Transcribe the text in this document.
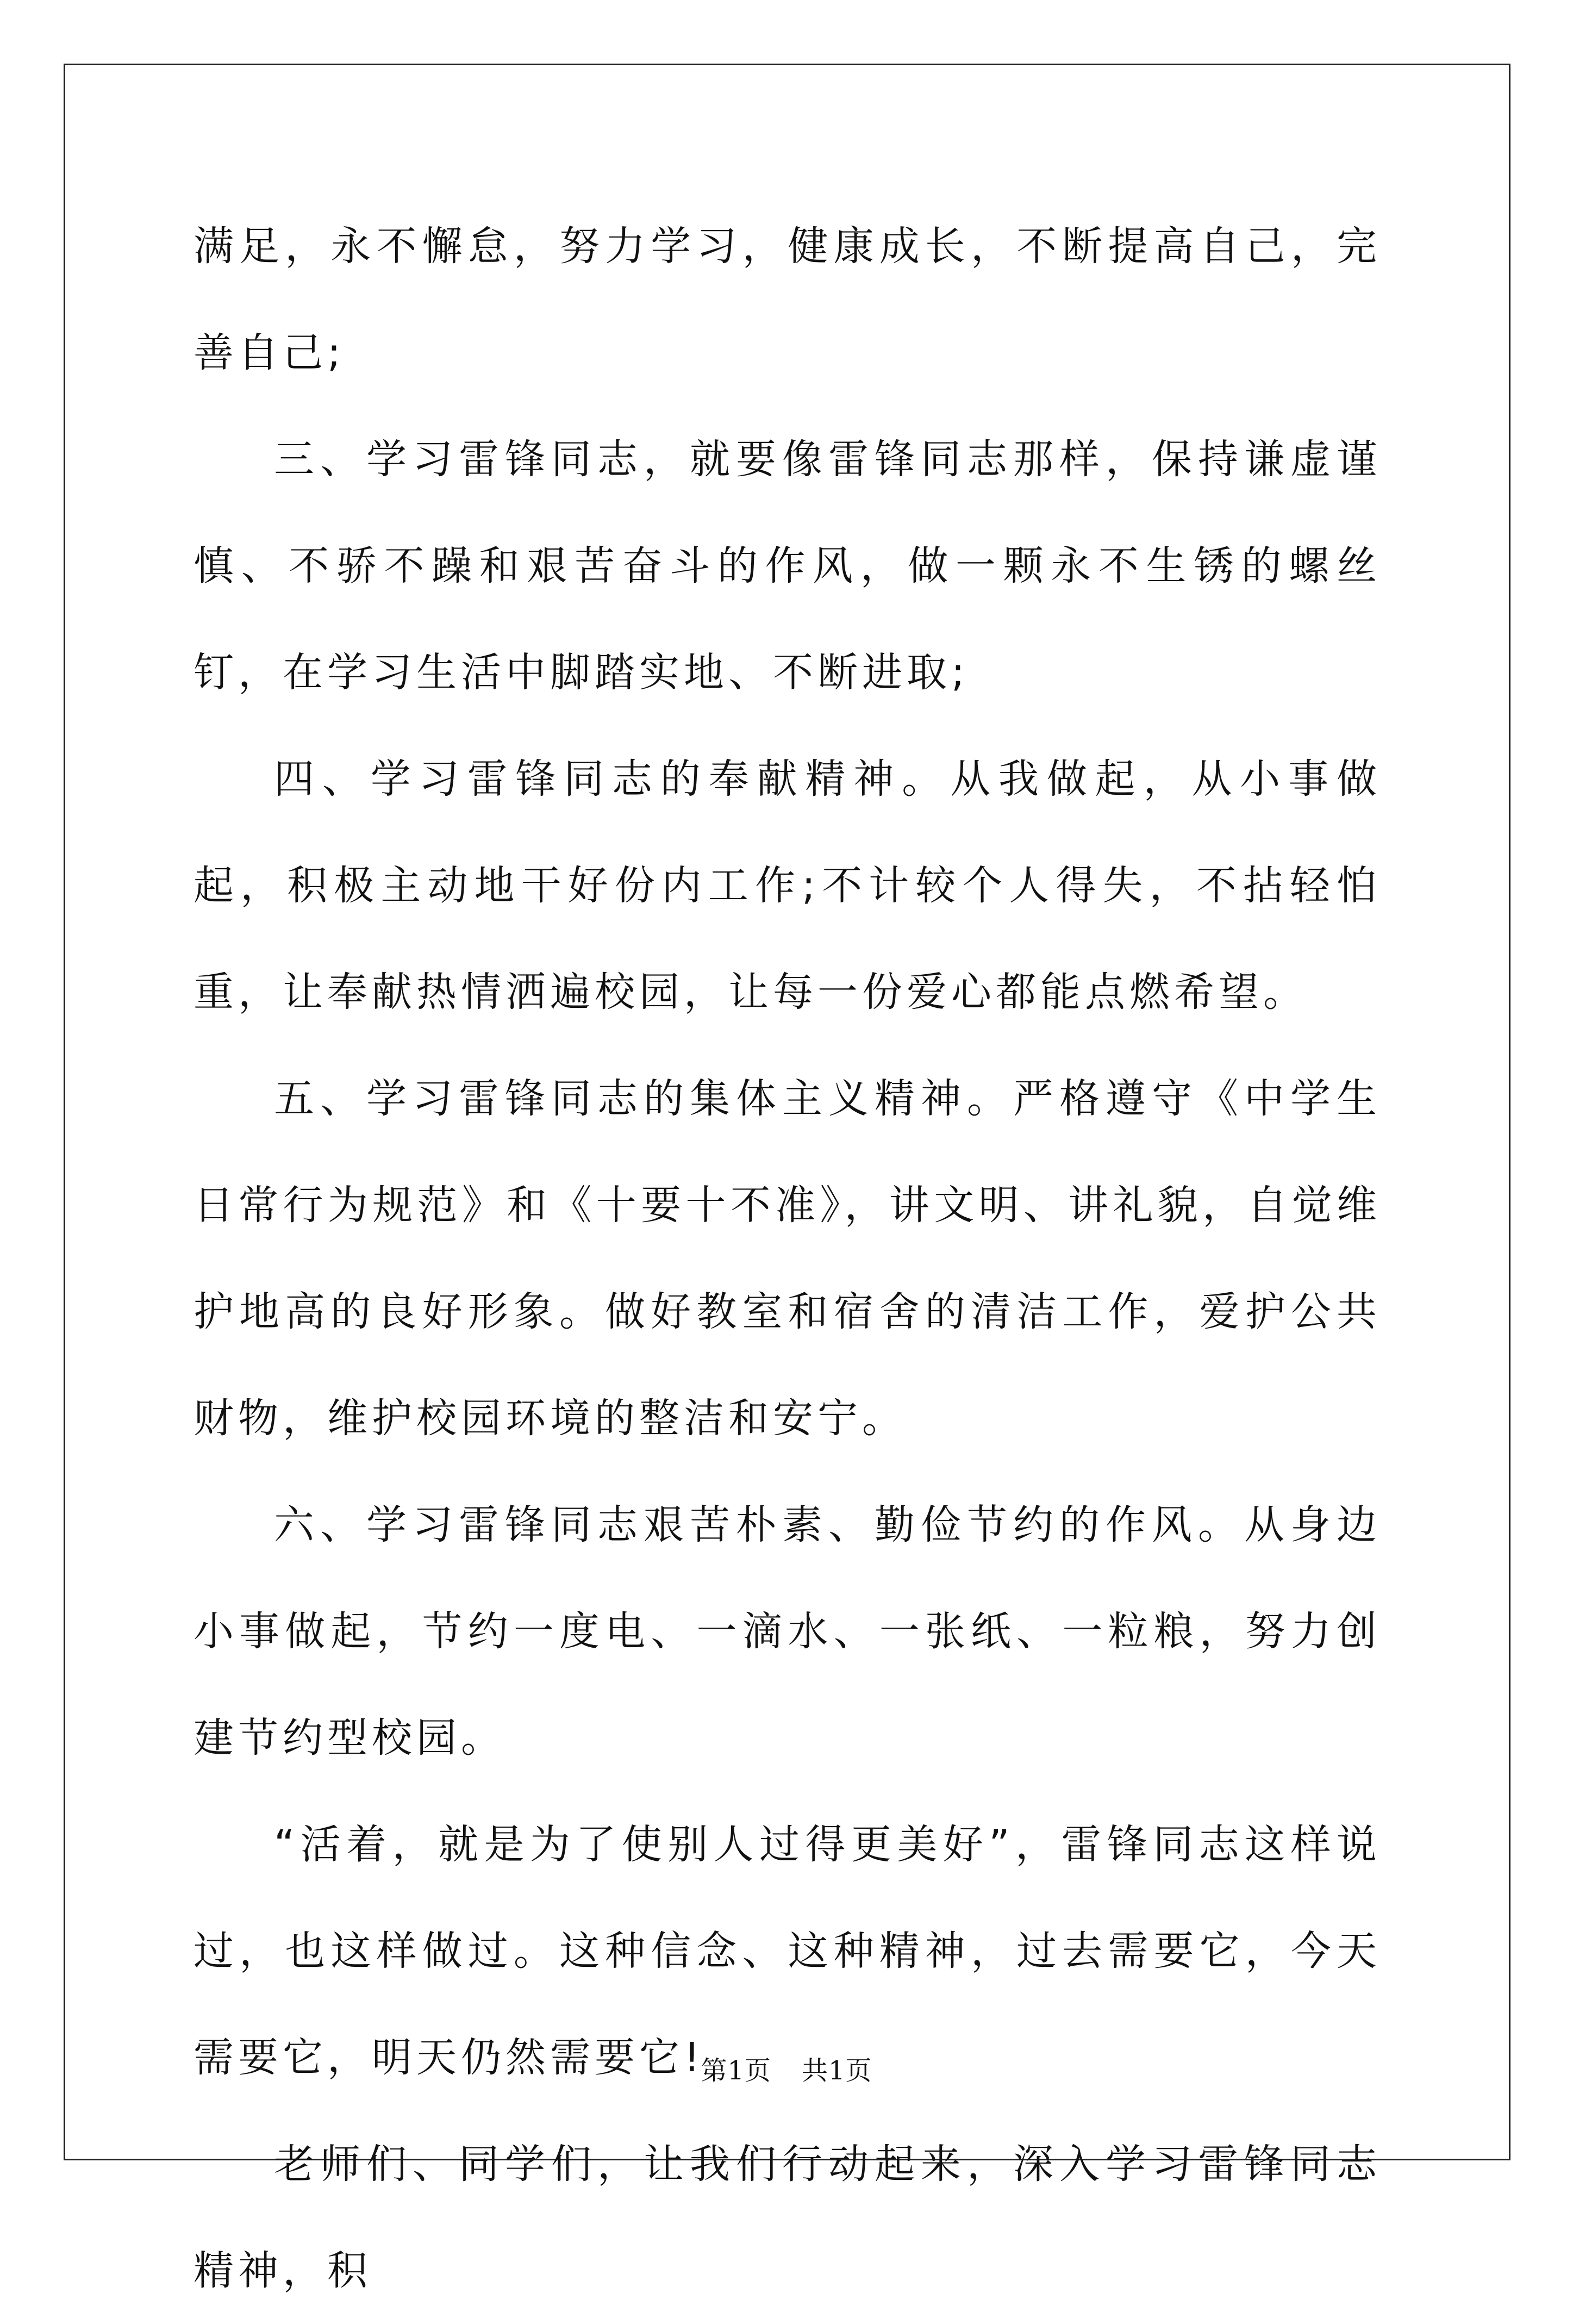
满足，永不懈怠，努力学习，健康成长，不断提高自己，完善自己;

三、学习雷锋同志，就要像雷锋同志那样，保持谦虚谨慎、不骄不躁和艰苦奋斗的作风，做一颗永不生锈的螺丝钉，在学习生活中脚踏实地、不断进取;

四、学习雷锋同志的奉献精神。从我做起，从小事做起，积极主动地干好份内工作;不计较个人得失，不拈轻怕重，让奉献热情洒遍校园，让每一份爱心都能点燃希望。

五、学习雷锋同志的集体主义精神。严格遵守《中学生日常行为规范》和《十要十不准》，讲文明、讲礼貌，自觉维护地高的良好形象。做好教室和宿舍的清洁工作，爱护公共财物，维护校园环境的整洁和安宁。

六、学习雷锋同志艰苦朴素、勤俭节约的作风。从身边小事做起，节约一度电、一滴水、一张纸、一粒粮，努力创建节约型校园。

“活着，就是为了使别人过得更美好”，雷锋同志这样说过，也这样做过。这种信念、这种精神，过去需要它，今天需要它，明天仍然需要它!

老师们、同学们，让我们行动起来，深入学习雷锋同志精神，积

第1页 共1页
